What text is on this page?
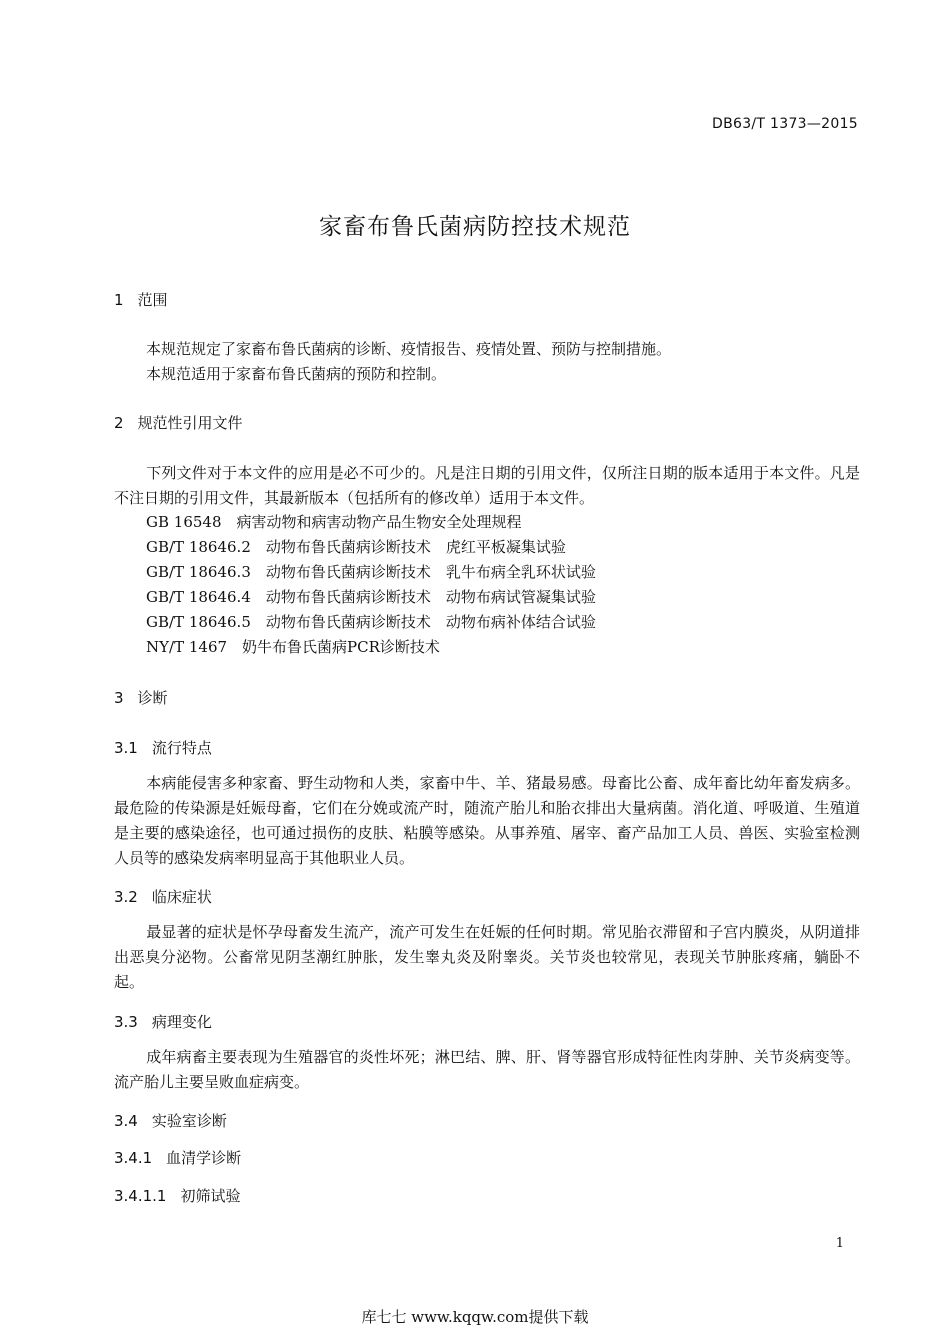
DB63/T 1373—2015
家畜布鲁氏菌病防控技术规范
1 范围
本规范规定了家畜布鲁氏菌病的诊断、疫情报告、疫情处置、预防与控制措施。
本规范适用于家畜布鲁氏菌病的预防和控制。
2 规范性引用文件
下列文件对于本文件的应用是必不可少的。凡是注日期的引用文件，仅所注日期的版本适用于本文件。凡是不注日期的引用文件，其最新版本（包括所有的修改单）适用于本文件。
GB 16548　病害动物和病害动物产品生物安全处理规程
GB/T 18646.2　动物布鲁氏菌病诊断技术　虎红平板凝集试验
GB/T 18646.3　动物布鲁氏菌病诊断技术　乳牛布病全乳环状试验
GB/T 18646.4　动物布鲁氏菌病诊断技术　动物布病试管凝集试验
GB/T 18646.5　动物布鲁氏菌病诊断技术　动物布病补体结合试验
NY/T 1467　奶牛布鲁氏菌病PCR诊断技术
3 诊断
3.1 流行特点
本病能侵害多种家畜、野生动物和人类，家畜中牛、羊、猪最易感。母畜比公畜、成年畜比幼年畜发病多。最危险的传染源是妊娠母畜，它们在分娩或流产时，随流产胎儿和胎衣排出大量病菌。消化道、呼吸道、生殖道是主要的感染途径，也可通过损伤的皮肤、粘膜等感染。从事养殖、屠宰、畜产品加工人员、兽医、实验室检测人员等的感染发病率明显高于其他职业人员。
3.2 临床症状
最显著的症状是怀孕母畜发生流产，流产可发生在妊娠的任何时期。常见胎衣滞留和子宫内膜炎，从阴道排出恶臭分泌物。公畜常见阴茎潮红肿胀，发生睾丸炎及附睾炎。关节炎也较常见，表现关节肿胀疼痛，躺卧不起。
3.3 病理变化
成年病畜主要表现为生殖器官的炎性坏死；淋巴结、脾、肝、肾等器官形成特征性肉芽肿、关节炎病变等。流产胎儿主要呈败血症病变。
3.4 实验室诊断
3.4.1 血清学诊断
3.4.1.1 初筛试验
1
库七七 www.kqqw.com提供下载
